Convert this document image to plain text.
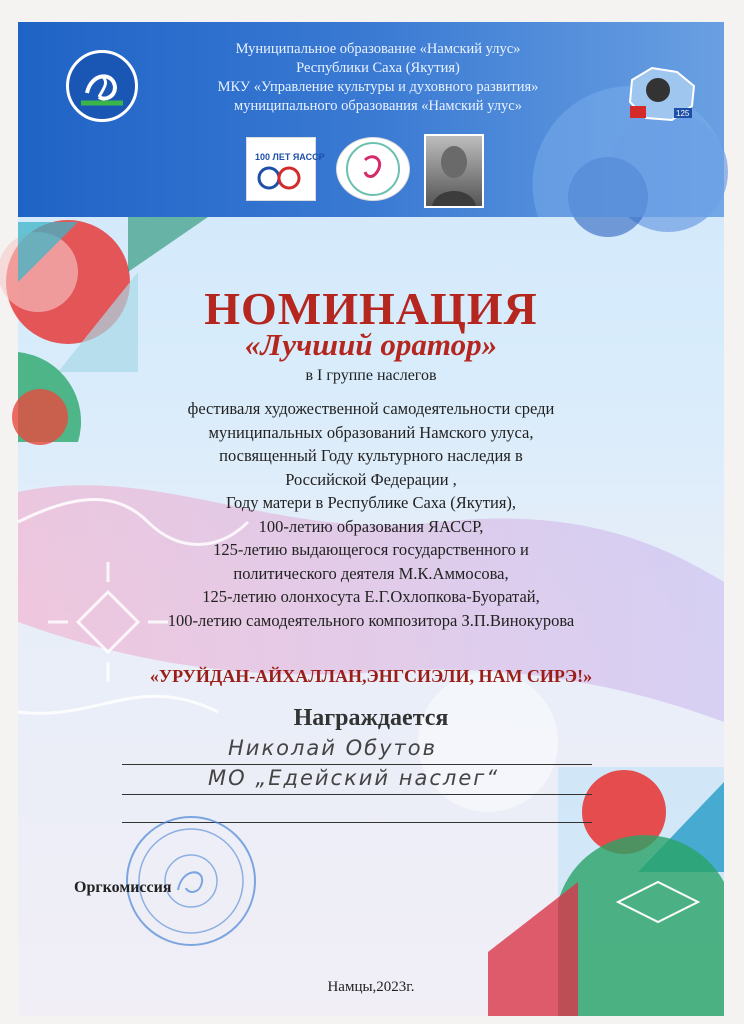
Муниципальное образование «Намский улус»
Республики Саха (Якутия)
МКУ «Управление культуры и духовного развития»
муниципального образования «Намский улус»	125
100 ЛЕТ ЯАССР
НОМИНАЦИЯ
«Лучший оратор»
в I группе наслегов
фестиваля художественной самодеятельности среди
муниципальных образований Намского улуса,
посвященный Году культурного наследия в
Российской Федерации ,
Году матери в Республике Саха (Якутия),
100-летию образования ЯАССР,
125-летию выдающегося государственного и
политического деятеля М.К.Аммосова,
125-летию олонхосута Е.Г.Охлопкова-Буоратай,
100-летию самодеятельного композитора З.П.Винокурова
«УРУЙДАН-АЙХАЛЛАН,ЭНГСИЭЛИ, НАМ СИРЭ!»
Награждается
Николай Обутов
МО „Едейский наслег“
Оргкомиссия
Намцы,2023г.
